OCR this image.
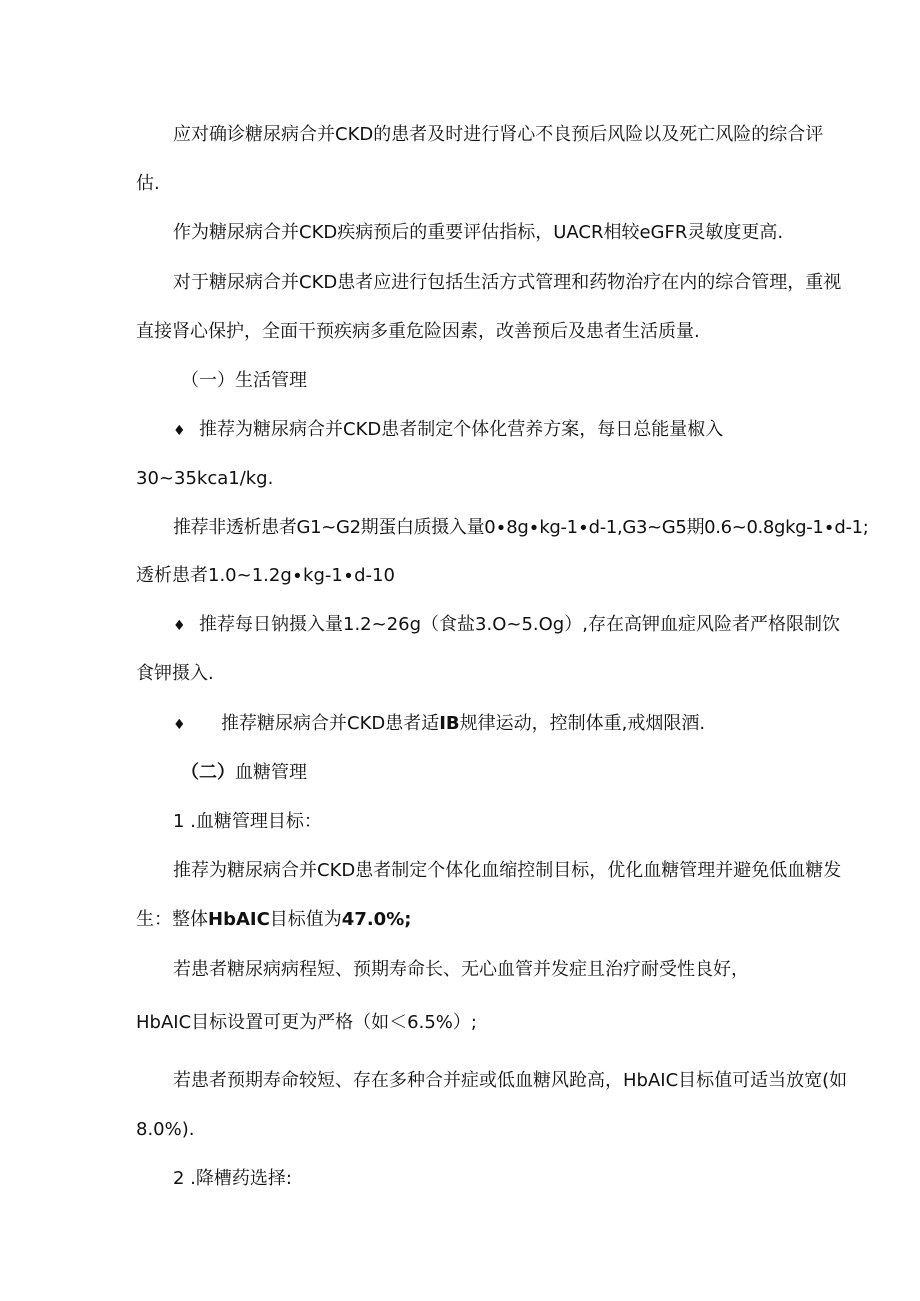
应对确诊糖尿病合并CKD的患者及时进行肾心不良预后风险以及死亡风险的综合评
估.
作为糖尿病合并CKD疾病预后的重要评估指标，UACR相较eGFR灵敏度更高.
对于糖尿病合并CKD患者应进行包括生活方式管理和药物治疗在内的综合管理，重视
直接肾心保护，全面干预疾病多重危险因素，改善预后及患者生活质量.
（一）生活管理
♦ 推荐为糖尿病合并CKD患者制定个体化营养方案，每日总能量椒入
30~35kca1∕kg.
推荐非透析患者G1~G2期蛋白质摄入量0∙8g∙kg-1∙d-1,G3~G5期0.6~0.8gkg-1∙d-1;
透析患者1.0~1.2g∙kg-1∙d-10
♦ 推荐每日钠摄入量1.2~26g（食盐3.O~5.Og）,存在高钾血症风险者严格限制饮
食钾摄入.
♦ 推荐糖尿病合并CKD患者适IB规律运动，控制体重,戒烟限酒.
（二）血糖管理
1 .血糖管理目标：
推荐为糖尿病合并CKD患者制定个体化血缩控制目标，优化血糖管理并避免低血糖发
生：整体HbAIC目标值为47.0%;
若患者糖尿病病程短、预期寿命长、无心血管并发症且治疗耐受性良好，
HbAIC目标设置可更为严格（如＜6.5%）;
若患者预期寿命较短、存在多种合并症或低血糖风跄高，HbAIC目标值可适当放宽(如
8.0%).
2 .降槽药选择:
